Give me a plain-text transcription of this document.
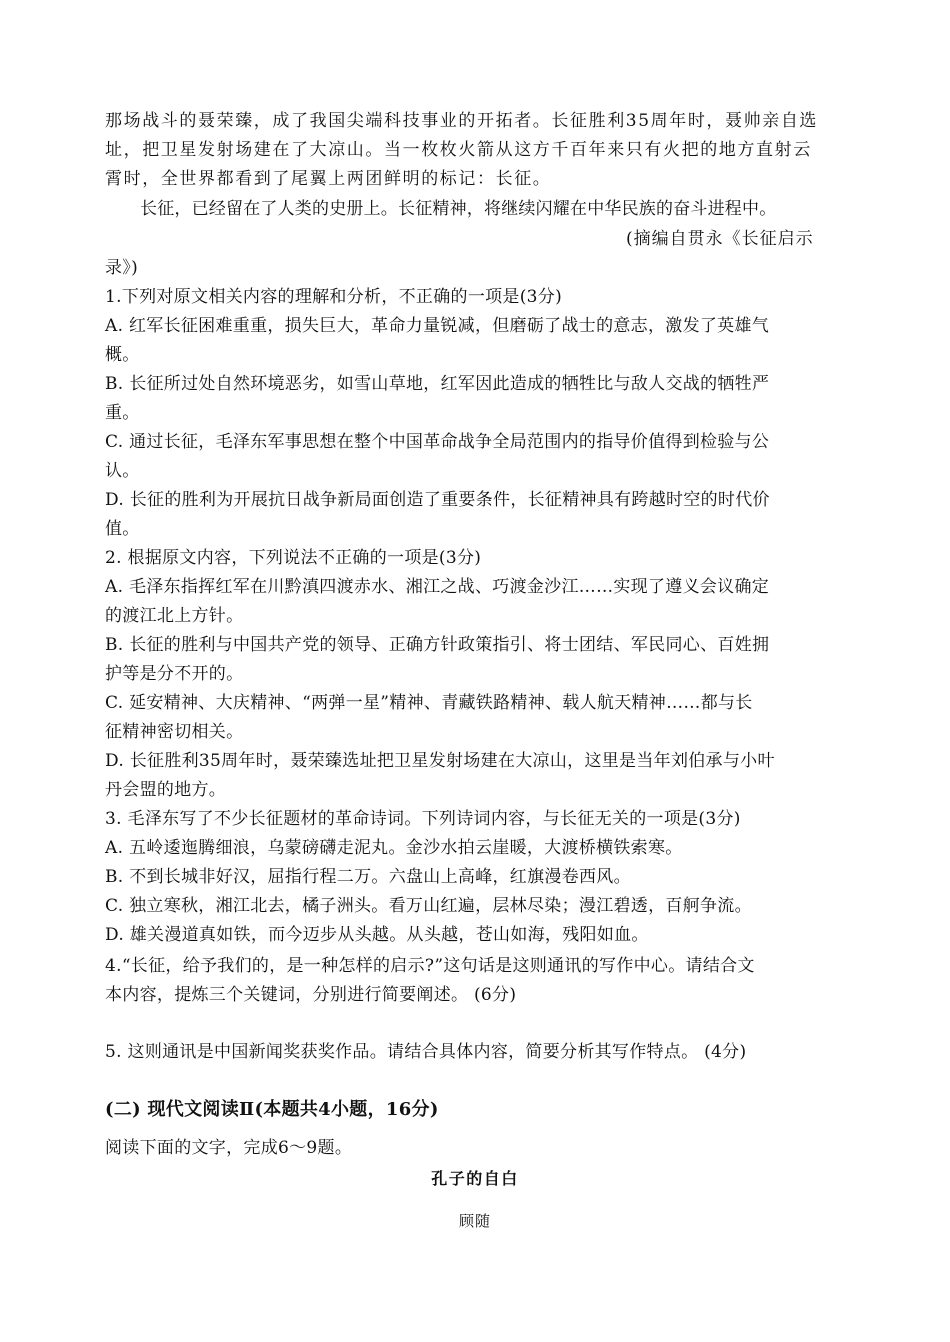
那场战斗的聂荣臻，成了我国尖端科技事业的开拓者。长征胜利35周年时，聂帅亲自选
址，把卫星发射场建在了大凉山。当一枚枚火箭从这方千百年来只有火把的地方直射云
霄时，全世界都看到了尾翼上两团鲜明的标记：长征。
长征，已经留在了人类的史册上。长征精神，将继续闪耀在中华民族的奋斗进程中。
(摘编自贯永《长征启示
录》)
1.下列对原文相关内容的理解和分析，不正确的一项是(3分)
A. 红军长征困难重重，损失巨大，革命力量锐减，但磨砺了战士的意志，激发了英雄气
概。
B. 长征所过处自然环境恶劣，如雪山草地，红军因此造成的牺牲比与敌人交战的牺牲严
重。
C. 通过长征，毛泽东军事思想在整个中国革命战争全局范围内的指导价值得到检验与公
认。
D. 长征的胜利为开展抗日战争新局面创造了重要条件，长征精神具有跨越时空的时代价
值。
2. 根据原文内容，下列说法不正确的一项是(3分)
A. 毛泽东指挥红军在川黔滇四渡赤水、湘江之战、巧渡金沙江……实现了遵义会议确定
的渡江北上方针。
B. 长征的胜利与中国共产党的领导、正确方针政策指引、将士团结、军民同心、百姓拥
护等是分不开的。
C. 延安精神、大庆精神、“两弹一星”精神、青藏铁路精神、载人航天精神……都与长
征精神密切相关。
D. 长征胜利35周年时，聂荣臻选址把卫星发射场建在大凉山，这里是当年刘伯承与小叶
丹会盟的地方。
3. 毛泽东写了不少长征题材的革命诗词。下列诗词内容，与长征无关的一项是(3分)
A. 五岭逶迤腾细浪，乌蒙磅礴走泥丸。金沙水拍云崖暖，大渡桥横铁索寒。
B. 不到长城非好汉，屈指行程二万。六盘山上高峰，红旗漫卷西风。
C. 独立寒秋，湘江北去，橘子洲头。看万山红遍，层林尽染；漫江碧透，百舸争流。
D. 雄关漫道真如铁，而今迈步从头越。从头越，苍山如海，残阳如血。
4.“长征，给予我们的，是一种怎样的启示?”这句话是这则通讯的写作中心。请结合文
本内容，提炼三个关键词，分别进行简要阐述。 (6分)
5. 这则通讯是中国新闻奖获奖作品。请结合具体内容，简要分析其写作特点。 (4分)
(二) 现代文阅读Ⅱ(本题共4小题，16分)
阅读下面的文字，完成6～9题。
孔子的自白
顾随
